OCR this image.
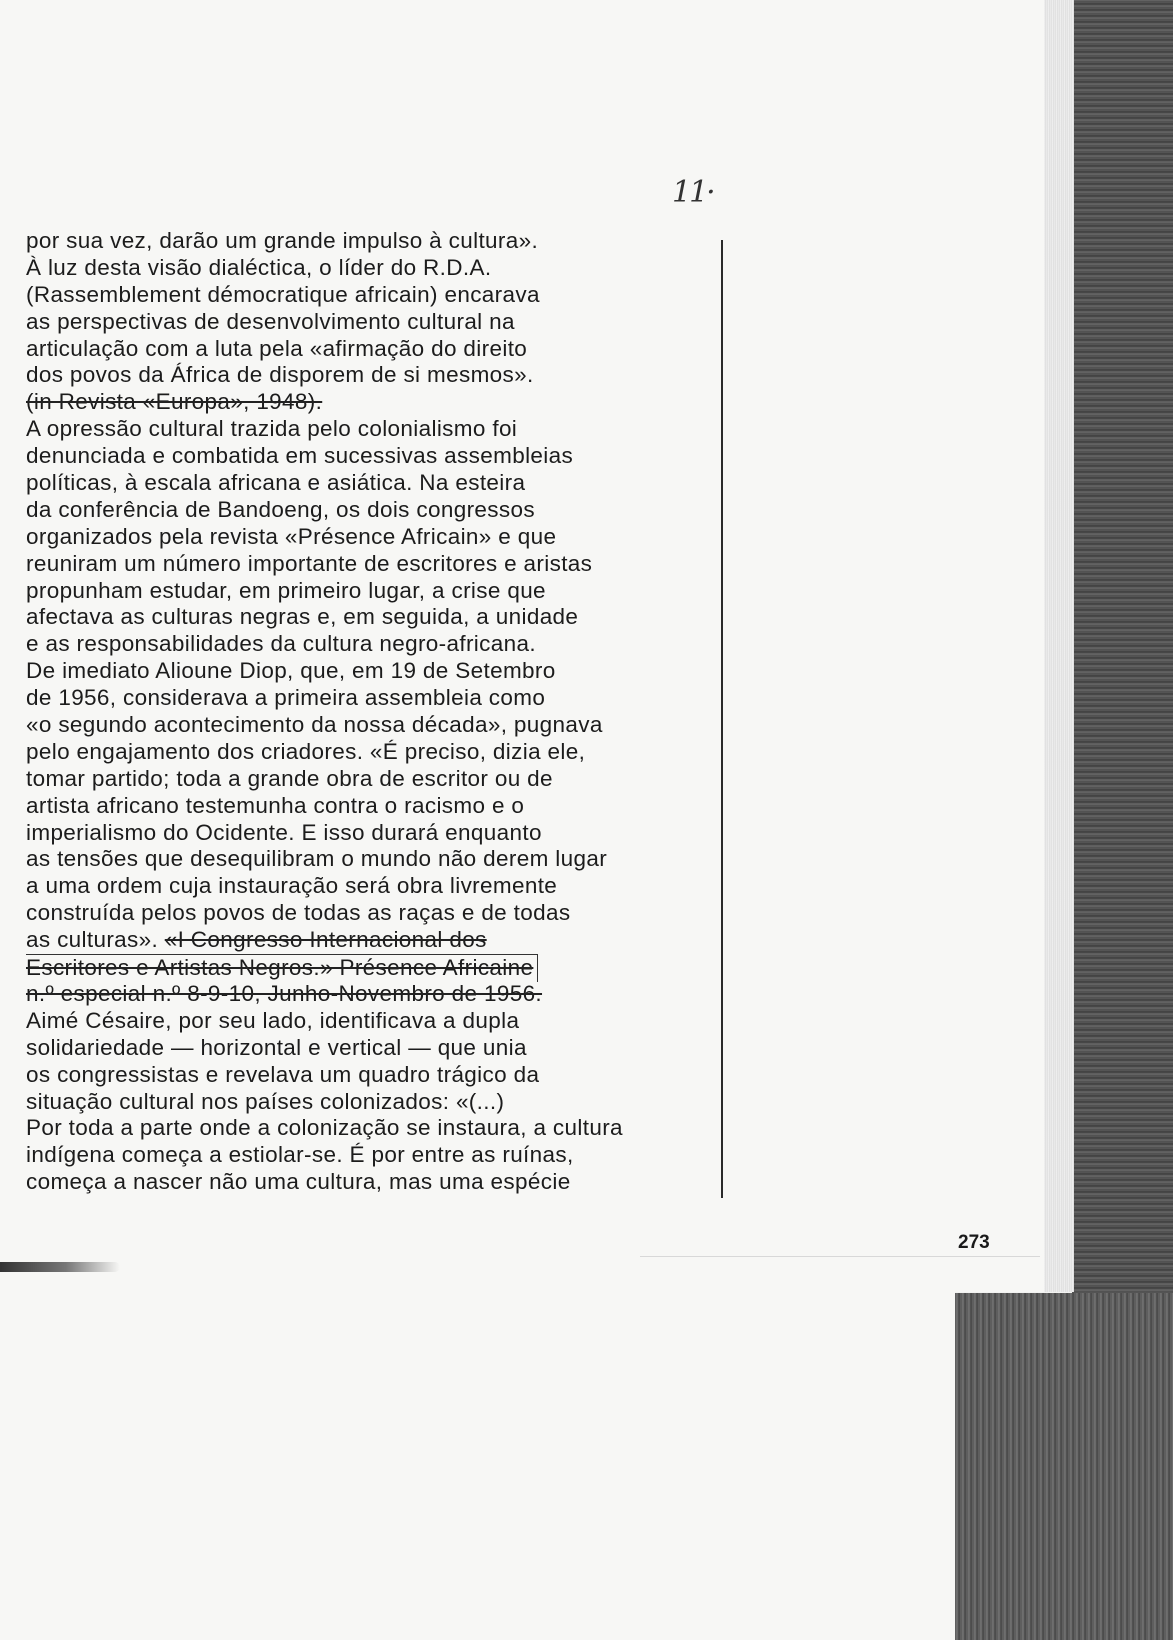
11·
por sua vez, darão um grande impulso à cultura».
À luz desta visão dialéctica, o líder do R.D.A.
(Rassemblement démocratique africain) encarava
as perspectivas de desenvolvimento cultural na
articulação com a luta pela «afirmação do direito
dos povos da África de disporem de si mesmos».
(in Revista «Europa», 1948).
A opressão cultural trazida pelo colonialismo foi
denunciada e combatida em sucessivas assembleias
políticas, à escala africana e asiática. Na esteira
da conferência de Bandoeng, os dois congressos
organizados pela revista «Présence Africain» e que
reuniram um número importante de escritores e aristas
propunham estudar, em primeiro lugar, a crise que
afectava as culturas negras e, em seguida, a unidade
e as responsabilidades da cultura negro-africana.
De imediato Alioune Diop, que, em 19 de Setembro
de 1956, considerava a primeira assembleia como
«o segundo acontecimento da nossa década», pugnava
pelo engajamento dos criadores. «É preciso, dizia ele,
tomar partido; toda a grande obra de escritor ou de
artista africano testemunha contra o racismo e o
imperialismo do Ocidente. E isso durará enquanto
as tensões que desequilibram o mundo não derem lugar
a uma ordem cuja instauração será obra livremente
construída pelos povos de todas as raças e de todas
as culturas». «I Congresso Internacional dos
Escritores e Artistas Negros.» Présence Africaine
n.º especial n.º 8-9-10, Junho-Novembro de 1956.
Aimé Césaire, por seu lado, identificava a dupla
solidariedade — horizontal e vertical — que unia
os congressistas e revelava um quadro trágico da
situação cultural nos países colonizados: «(...)
Por toda a parte onde a colonização se instaura, a cultura
indígena começa a estiolar-se. É por entre as ruínas,
começa a nascer não uma cultura, mas uma espécie
273
